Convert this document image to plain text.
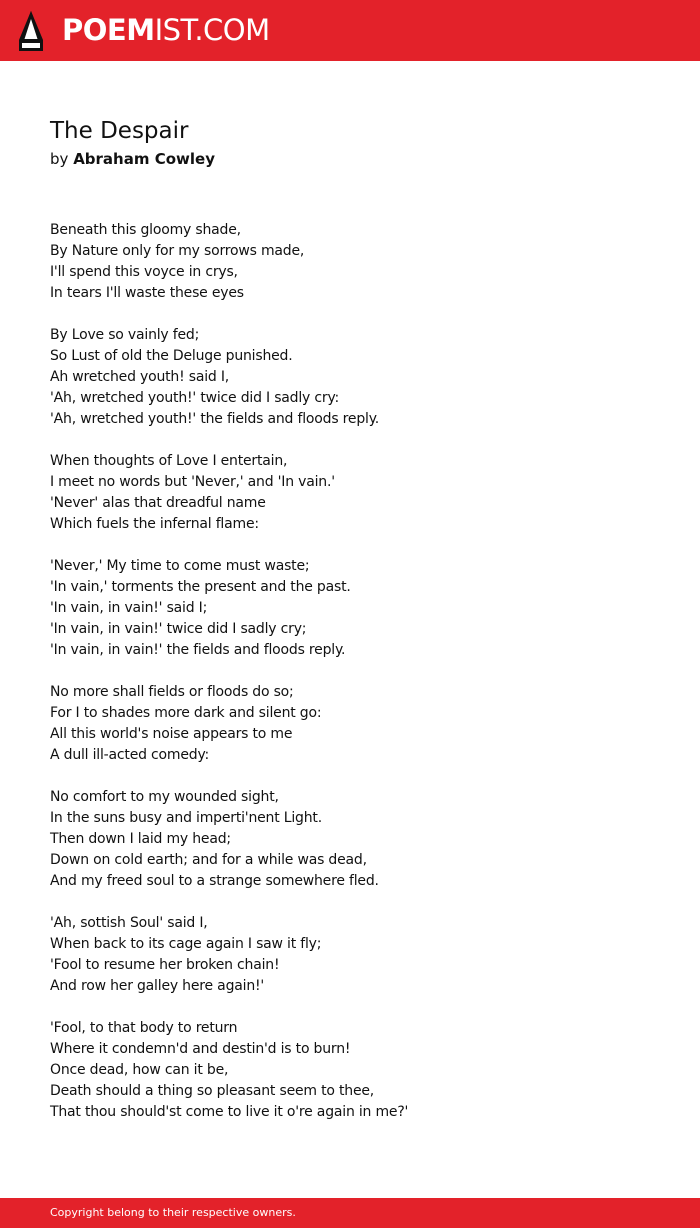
POEMIST.COM
The Despair
by Abraham Cowley
Beneath this gloomy shade,
By Nature only for my sorrows made,
I'll spend this voyce in crys,
In tears I'll waste these eyes
By Love so vainly fed;
So Lust of old the Deluge punished.
Ah wretched youth! said I,
'Ah, wretched youth!' twice did I sadly cry:
'Ah, wretched youth!' the fields and floods reply.
When thoughts of Love I entertain,
I meet no words but 'Never,' and 'In vain.'
'Never' alas that dreadful name
Which fuels the infernal flame:
'Never,' My time to come must waste;
'In vain,' torments the present and the past.
'In vain, in vain!' said I;
'In vain, in vain!' twice did I sadly cry;
'In vain, in vain!' the fields and floods reply.
No more shall fields or floods do so;
For I to shades more dark and silent go:
All this world's noise appears to me
A dull ill-acted comedy:
No comfort to my wounded sight,
In the suns busy and imperti'nent Light.
Then down I laid my head;
Down on cold earth; and for a while was dead,
And my freed soul to a strange somewhere fled.
'Ah, sottish Soul' said I,
When back to its cage again I saw it fly;
'Fool to resume her broken chain!
And row her galley here again!'
'Fool, to that body to return
Where it condemn'd and destin'd is to burn!
Once dead, how can it be,
Death should a thing so pleasant seem to thee,
That thou should'st come to live it o're again in me?'
Copyright belong to their respective owners.
